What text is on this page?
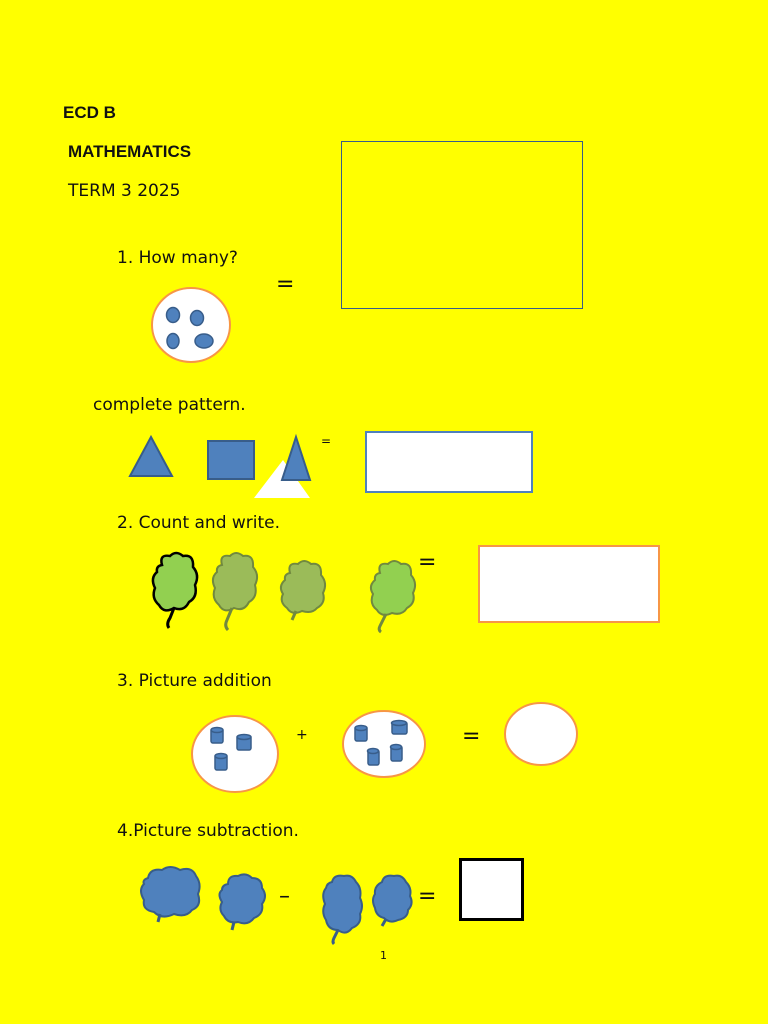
ECD B
MATHEMATICS
TERM 3 2025
1. How many?
=
complete pattern.
=
2. Count and write.
=
3. Picture addition
+	=
4.Picture subtraction.
–	=
1
